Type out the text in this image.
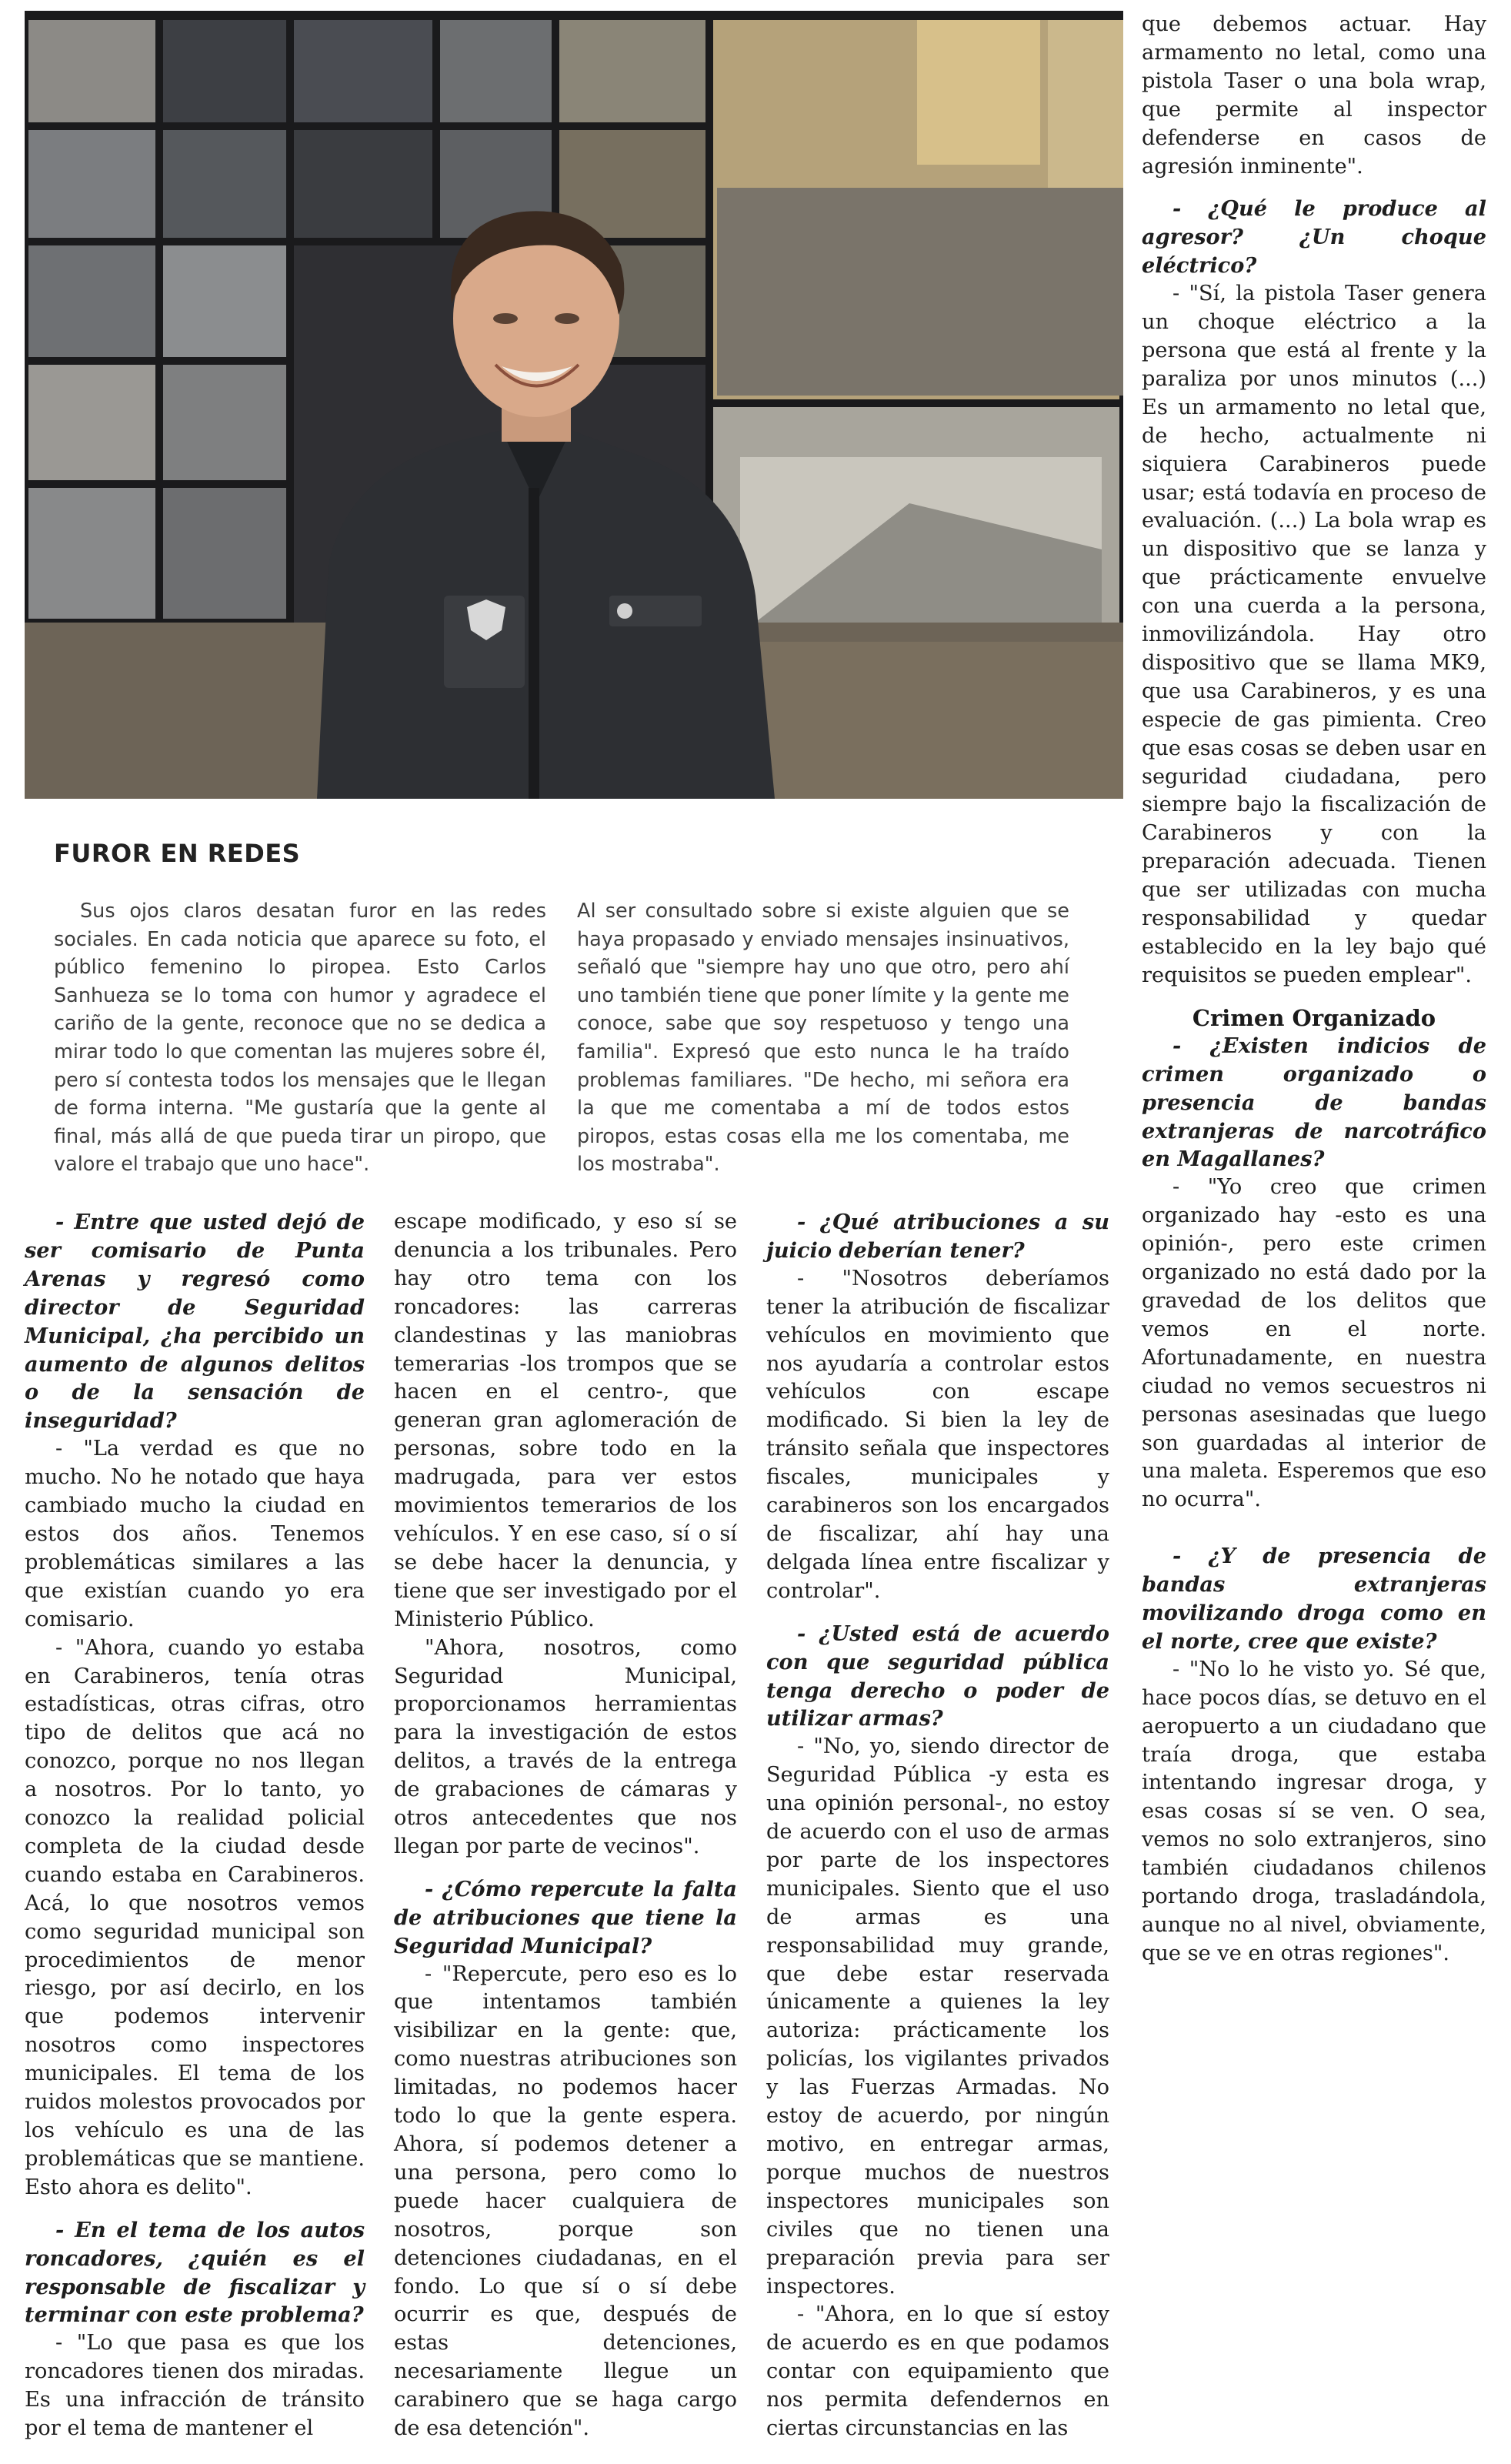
FUROR EN REDES

Sus ojos claros desatan furor en las redes sociales. En cada noticia que aparece su foto, el público femenino lo piropea. Esto Carlos Sanhueza se lo toma con humor y agradece el cariño de la gente, reconoce que no se dedica a mirar todo lo que comentan las mujeres sobre él, pero sí contesta todos los mensajes que le llegan de forma interna. "Me gustaría que la gente al final, más allá de que pueda tirar un piropo, que valore el trabajo que uno hace".

Al ser consultado sobre si existe alguien que se haya propasado y enviado mensajes insinuativos, señaló que "siempre hay uno que otro, pero ahí uno también tiene que poner límite y la gente me conoce, sabe que soy respetuoso y tengo una familia". Expresó que esto nunca le ha traído problemas familiares. "De hecho, mi señora era la que me comentaba a mí de todos estos piropos, estas cosas ella me los comentaba, me los mostraba".

- Entre que usted dejó de ser comisario de Punta Arenas y regresó como director de Seguridad Municipal, ¿ha percibido un aumento de algunos delitos o de la sensación de inseguridad?

- "La verdad es que no mucho. No he notado que haya cambiado mucho la ciudad en estos dos años. Tenemos problemáticas similares a las que existían cuando yo era comisario.

- "Ahora, cuando yo estaba en Carabineros, tenía otras estadísticas, otras cifras, otro tipo de delitos que acá no conozco, porque no nos llegan a nosotros. Por lo tanto, yo conozco la realidad policial completa de la ciudad desde cuando estaba en Carabineros. Acá, lo que nosotros vemos como seguridad municipal son procedimientos de menor riesgo, por así decirlo, en los que podemos intervenir nosotros como inspectores municipales. El tema de los ruidos molestos provocados por los vehículo es una de las problemáticas que se mantiene. Esto ahora es delito".

- En el tema de los autos roncadores, ¿quién es el responsable de fiscalizar y terminar con este problema?

- "Lo que pasa es que los roncadores tienen dos miradas. Es una infracción de tránsito por el tema de mantener el

escape modificado, y eso sí se denuncia a los tribunales. Pero hay otro tema con los roncadores: las carreras clandestinas y las maniobras temerarias -los trompos que se hacen en el centro-, que generan gran aglomeración de personas, sobre todo en la madrugada, para ver estos movimientos temerarios de los vehículos. Y en ese caso, sí o sí se debe hacer la denuncia, y tiene que ser investigado por el Ministerio Público.

"Ahora, nosotros, como Seguridad Municipal, proporcionamos herramientas para la investigación de estos delitos, a través de la entrega de grabaciones de cámaras y otros antecedentes que nos llegan por parte de vecinos".

- ¿Cómo repercute la falta de atribuciones que tiene la Seguridad Municipal?

- "Repercute, pero eso es lo que intentamos también visibilizar en la gente: que, como nuestras atribuciones son limitadas, no podemos hacer todo lo que la gente espera. Ahora, sí podemos detener a una persona, pero como lo puede hacer cualquiera de nosotros, porque son detenciones ciudadanas, en el fondo. Lo que sí o sí debe ocurrir es que, después de estas detenciones, necesariamente llegue un carabinero que se haga cargo de esa detención".

- ¿Qué atribuciones a su juicio deberían tener?

- "Nosotros deberíamos tener la atribución de fiscalizar vehículos en movimiento que nos ayudaría a controlar estos vehículos con escape modificado. Si bien la ley de tránsito señala que inspectores fiscales, municipales y carabineros son los encargados de fiscalizar, ahí hay una delgada línea entre fiscalizar y controlar".

- ¿Usted está de acuerdo con que seguridad pública tenga derecho o poder de utilizar armas?

- "No, yo, siendo director de Seguridad Pública -y esta es una opinión personal-, no estoy de acuerdo con el uso de armas por parte de los inspectores municipales. Siento que el uso de armas es una responsabilidad muy grande, que debe estar reservada únicamente a quienes la ley autoriza: prácticamente los policías, los vigilantes privados y las Fuerzas Armadas. No estoy de acuerdo, por ningún motivo, en entregar armas, porque muchos de nuestros inspectores municipales son civiles que no tienen una preparación previa para ser inspectores.

- "Ahora, en lo que sí estoy de acuerdo es en que podamos contar con equipamiento que nos permita defendernos en ciertas circunstancias en las

que debemos actuar. Hay armamento no letal, como una pistola Taser o una bola wrap, que permite al inspector defenderse en casos de agresión inminente".

- ¿Qué le produce al agresor? ¿Un choque eléctrico?

- "Sí, la pistola Taser genera un choque eléctrico a la persona que está al frente y la paraliza por unos minutos (...) Es un armamento no letal que, de hecho, actualmente ni siquiera Carabineros puede usar; está todavía en proceso de evaluación. (...) La bola wrap es un dispositivo que se lanza y que prácticamente envuelve con una cuerda a la persona, inmovilizándola. Hay otro dispositivo que se llama MK9, que usa Carabineros, y es una especie de gas pimienta. Creo que esas cosas se deben usar en seguridad ciudadana, pero siempre bajo la fiscalización de Carabineros y con la preparación adecuada. Tienen que ser utilizadas con mucha responsabilidad y quedar establecido en la ley bajo qué requisitos se pueden emplear".

Crimen Organizado

- ¿Existen indicios de crimen organizado o presencia de bandas extranjeras de narcotráfico en Magallanes?

- "Yo creo que crimen organizado hay -esto es una opinión-, pero este crimen organizado no está dado por la gravedad de los delitos que vemos en el norte. Afortunadamente, en nuestra ciudad no vemos secuestros ni personas asesinadas que luego son guardadas al interior de una maleta. Esperemos que eso no ocurra".

- ¿Y de presencia de bandas extranjeras movilizando droga como en el norte, cree que existe?

- "No lo he visto yo. Sé que, hace pocos días, se detuvo en el aeropuerto a un ciudadano que traía droga, que estaba intentando ingresar droga, y esas cosas sí se ven. O sea, vemos no solo extranjeros, sino también ciudadanos chilenos portando droga, trasladándola, aunque no al nivel, obviamente, que se ve en otras regiones".
